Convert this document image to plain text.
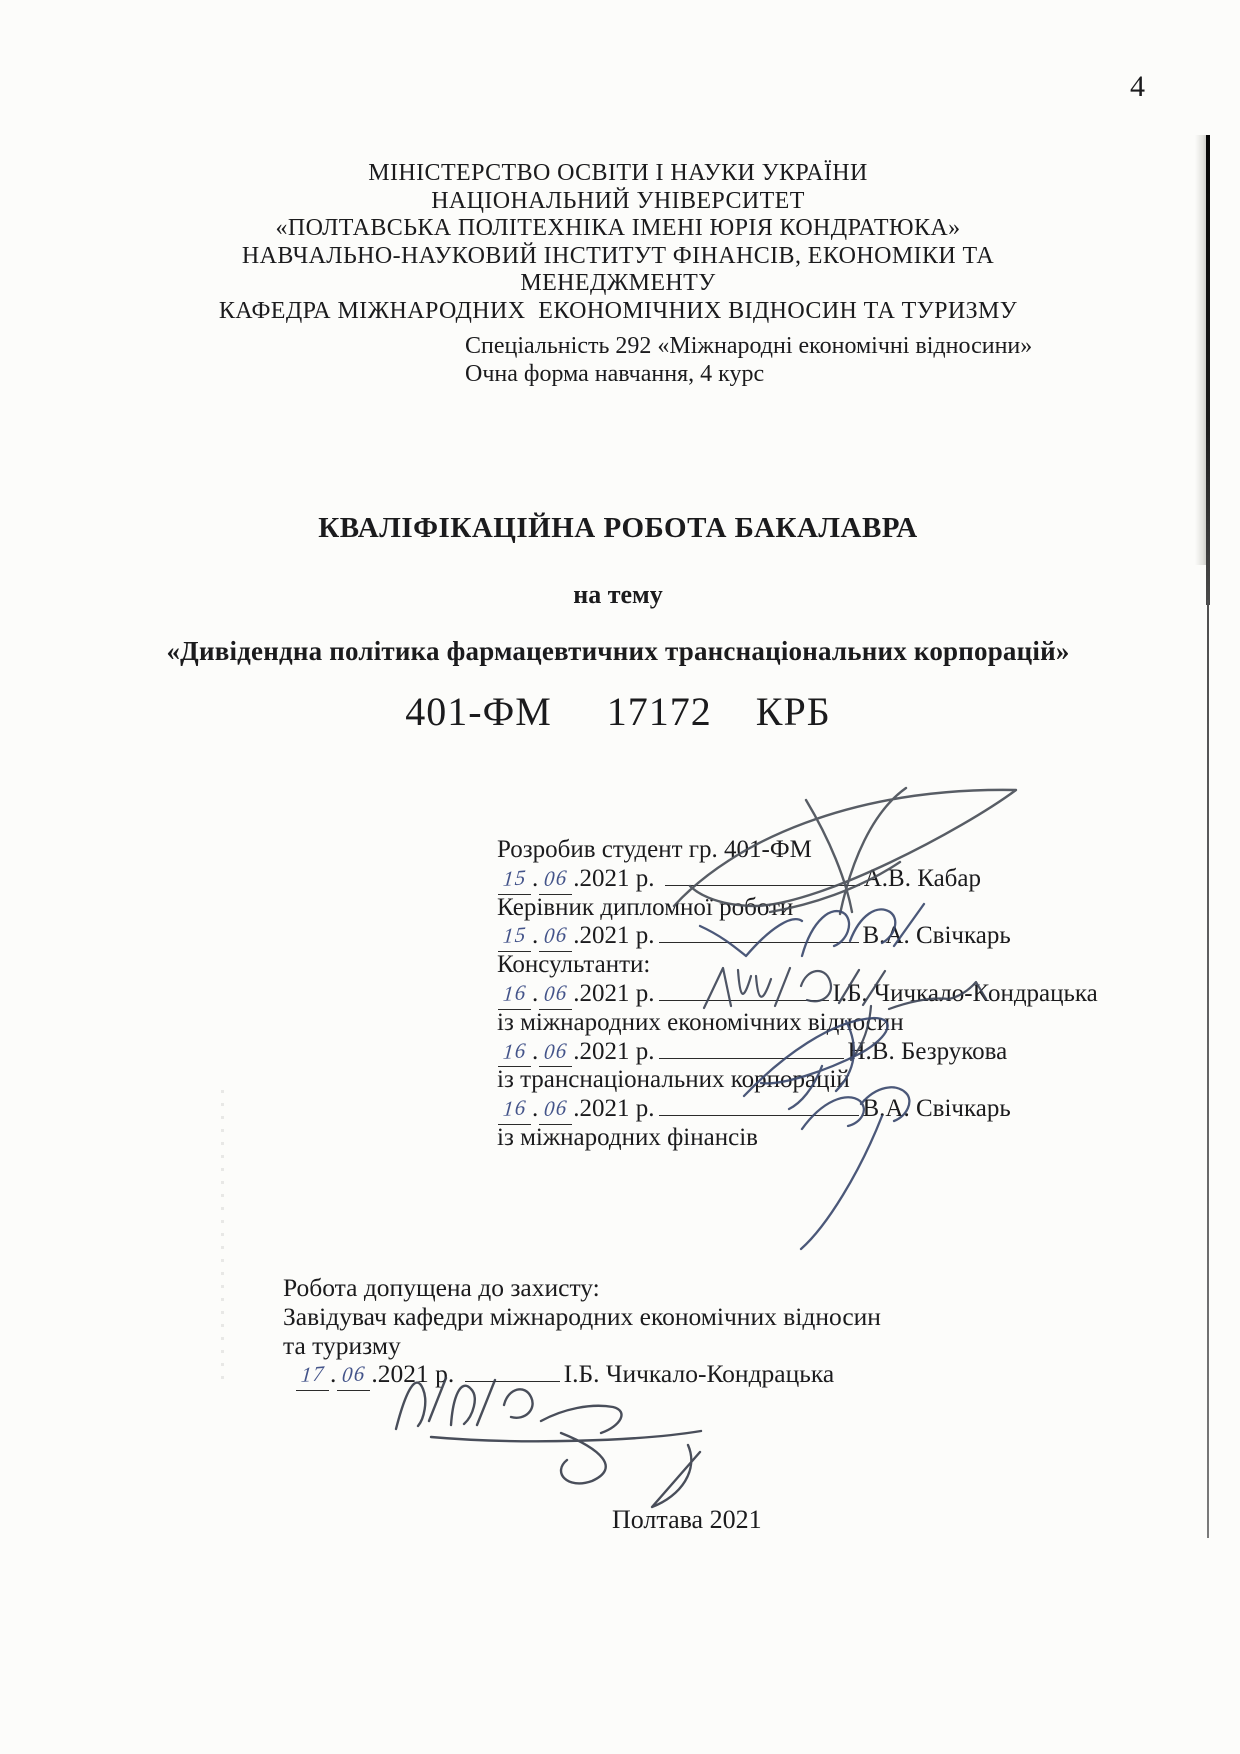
4
МІНІСТЕРСТВО ОСВІТИ І НАУКИ УКРАЇНИ
НАЦІОНАЛЬНИЙ УНІВЕРСИТЕТ
«ПОЛТАВСЬКА ПОЛІТЕХНІКА ІМЕНІ ЮРІЯ КОНДРАТЮКА»
НАВЧАЛЬНО-НАУКОВИЙ ІНСТИТУТ ФІНАНСІВ, ЕКОНОМІКИ ТА
МЕНЕДЖМЕНТУ
КАФЕДРА МІЖНАРОДНИХ  ЕКОНОМІЧНИХ ВІДНОСИН ТА ТУРИЗМУ
Спеціальність 292 «Міжнародні економічні відносини»
Очна форма навчання, 4 курс
КВАЛІФІКАЦІЙНА РОБОТА БАКАЛАВРА
на тему
«Дивідендна політика фармацевтичних транснаціональних корпорацій»
401-ФМ     17172    КРБ
Розробив студент гр. 401-ФМ
15 . 06 .2021 р.	А.В. Кабар
Керівник дипломної роботи
15 . 06 .2021 р.	В.А. Свічкарь
Консультанти:
16 . 06 .2021 р.	І.Б. Чичкало-Кондрацька
із міжнародних економічних відносин
16 . 06 .2021 р.	Н.В. Безрукова
із транснаціональних корпорацій
16 . 06 .2021 р.	В.А. Свічкарь
із міжнародних фінансів
Робота допущена до захисту:
Завідувач кафедри міжнародних економічних відносин
та туризму
17 . 06 .2021 р.	І.Б. Чичкало-Кондрацька
Полтава 2021
